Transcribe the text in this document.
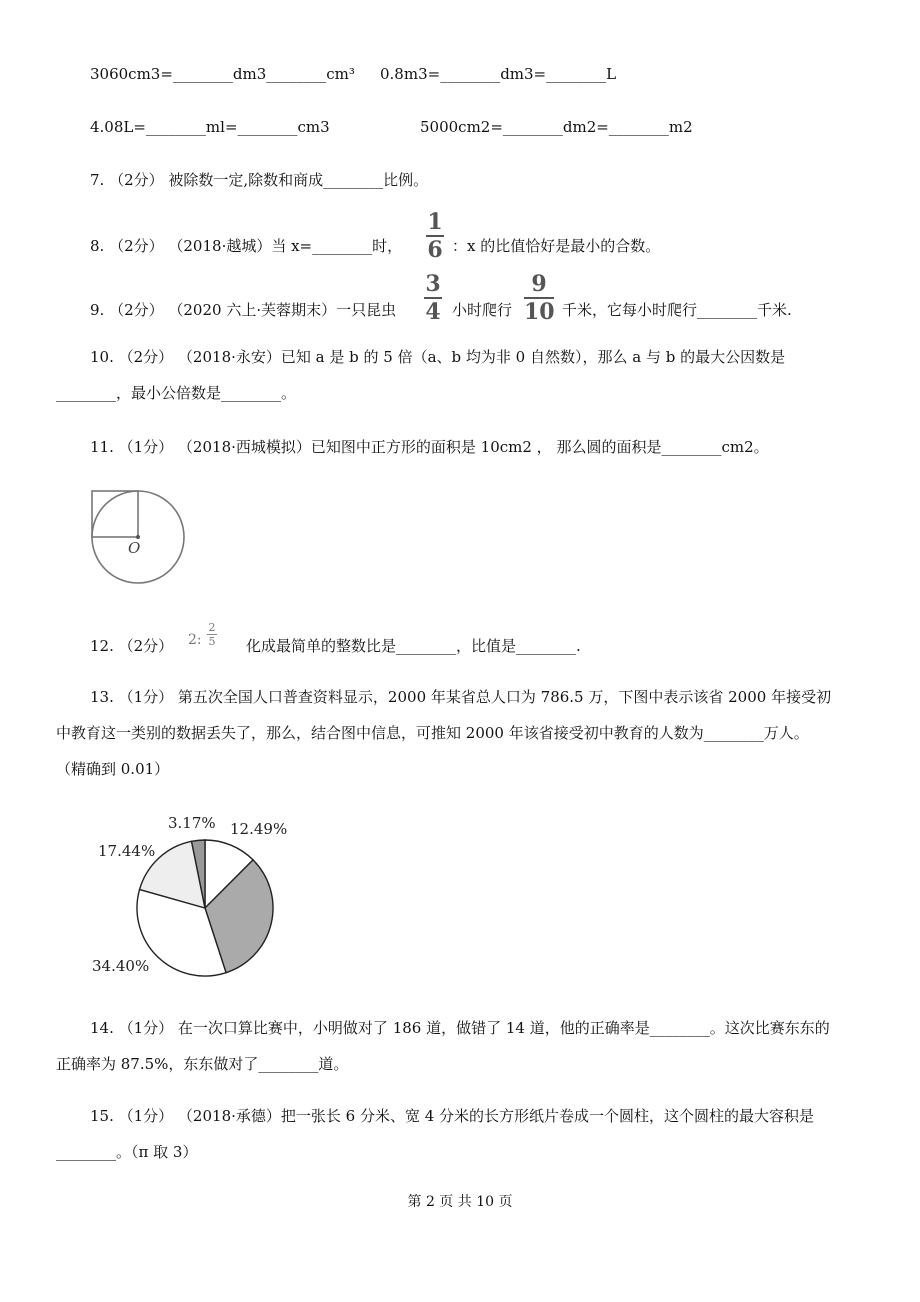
3060cm3=________dm3________cm³ 0.8m3=________dm3=________L
4.08L=________ml=________cm3	5000cm2=________dm2=________m2
7. （2分） 被除数一定,除数和商成________比例。
8. （2分） （2018·越城）当 x=________时，
1
6 ：x 的比值恰好是最小的合数。
9. （2分） （2020 六上·芙蓉期末）一只昆虫
3
4 小时爬行
9
10 千米，它每小时爬行________千米.
10. （2分） （2018·永安）已知 a 是 b 的 5 倍（a、b 均为非 0 自然数），那么 a 与 b 的最大公因数是
________，最小公倍数是________。
11. （1分） （2018·西城模拟）已知图中正方形的面积是 10cm2 ， 那么圆的面积是________cm2。
O
12. （2分） 2:
2
5 化成最简单的整数比是________，比值是________.
13. （1分） 第五次全国人口普查资料显示，2000 年某省总人口为 786.5 万，下图中表示该省 2000 年接受初
中教育这一类别的数据丢失了，那么，结合图中信息，可推知 2000 年该省接受初中教育的人数为________万人。
（精确到 0.01）
12.49%
34.40%
17.44%
3.17%
14. （1分） 在一次口算比赛中，小明做对了 186 道，做错了 14 道，他的正确率是________。这次比赛东东的
正确率为 87.5%，东东做对了________道。
15. （1分） （2018·承德）把一张长 6 分米、宽 4 分米的长方形纸片卷成一个圆柱，这个圆柱的最大容积是
________。（π 取 3）
第 2 页 共 10 页
